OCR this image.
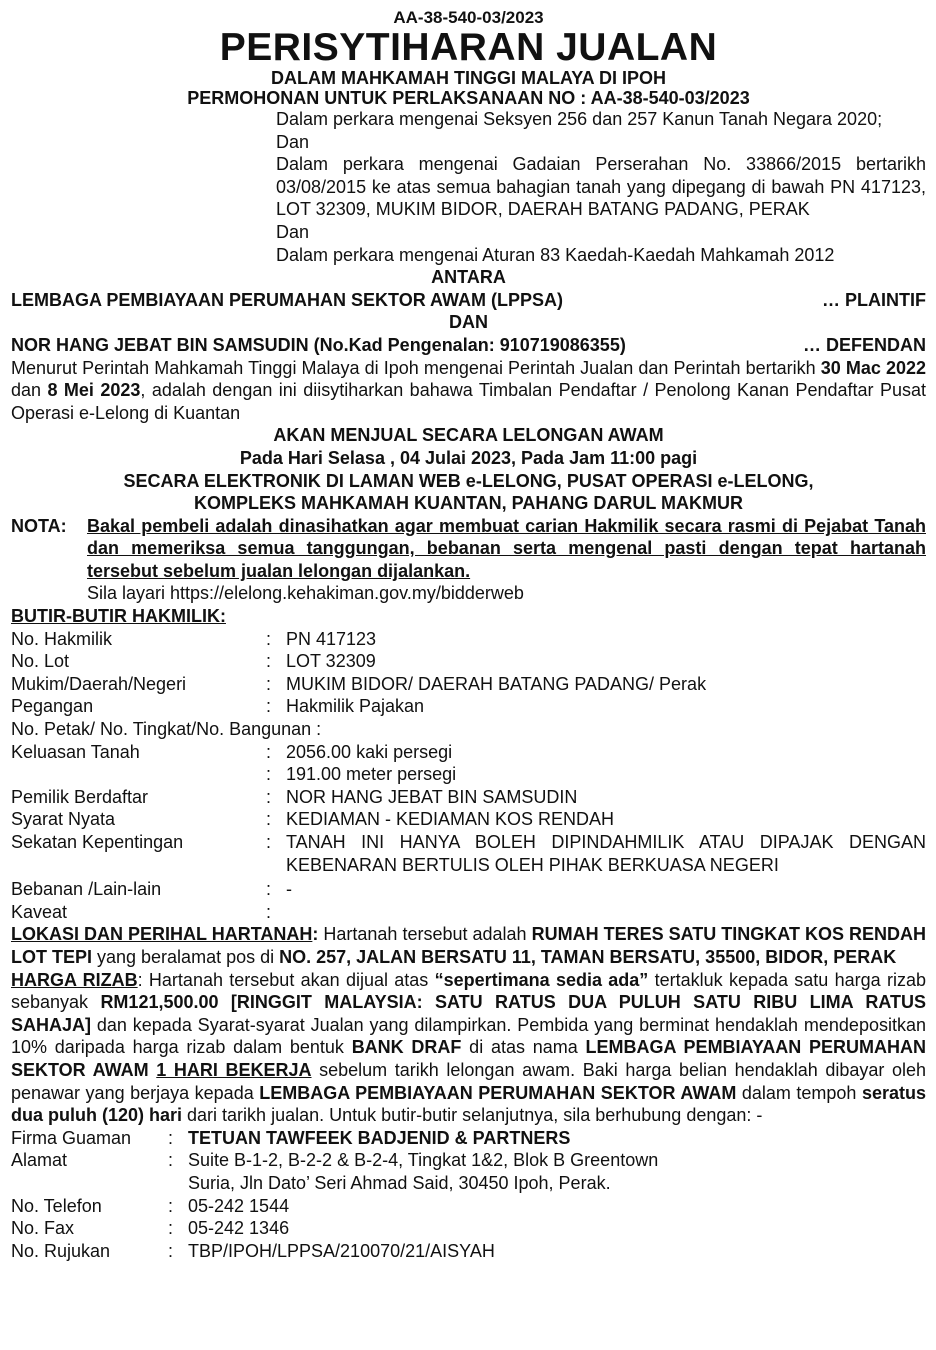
AA-38-540-03/2023
PERISYTIHARAN JUALAN
DALAM MAHKAMAH TINGGI MALAYA DI IPOH
PERMOHONAN UNTUK PERLAKSANAAN NO : AA-38-540-03/2023
Dalam perkara mengenai Seksyen 256 dan 257 Kanun Tanah Negara 2020;
Dan
Dalam perkara mengenai Gadaian Perserahan No. 33866/2015 bertarikh 03/08/2015 ke atas semua bahagian tanah yang dipegang di bawah PN 417123, LOT 32309, MUKIM BIDOR, DAERAH BATANG PADANG, PERAK
Dan
Dalam perkara mengenai Aturan 83 Kaedah-Kaedah Mahkamah 2012
ANTARA
LEMBAGA PEMBIAYAAN PERUMAHAN SEKTOR AWAM (LPPSA)	… PLAINTIF
DAN
NOR HANG JEBAT BIN SAMSUDIN (No.Kad Pengenalan: 910719086355)	… DEFENDAN
Menurut Perintah Mahkamah Tinggi Malaya di Ipoh mengenai Perintah Jualan dan Perintah bertarikh 30 Mac 2022 dan 8 Mei 2023, adalah dengan ini diisytiharkan bahawa Timbalan Pendaftar / Penolong Kanan Pendaftar Pusat Operasi e-Lelong di Kuantan
AKAN MENJUAL SECARA LELONGAN AWAM
Pada Hari Selasa , 04 Julai 2023, Pada Jam 11:00 pagi
SECARA ELEKTRONIK DI LAMAN WEB e-LELONG, PUSAT OPERASI e-LELONG,
KOMPLEKS MAHKAMAH KUANTAN, PAHANG DARUL MAKMUR
NOTA:	Bakal pembeli adalah dinasihatkan agar membuat carian Hakmilik secara rasmi di Pejabat Tanah dan memeriksa semua tanggungan, bebanan serta mengenal pasti dengan tepat hartanah tersebut sebelum jualan lelongan dijalankan.
Sila layari https://elelong.kehakiman.gov.my/bidderweb
BUTIR-BUTIR HAKMILIK:
No. Hakmilik	: PN 417123
No. Lot	: LOT 32309
Mukim/Daerah/Negeri	: MUKIM BIDOR/ DAERAH BATANG PADANG/ Perak
Pegangan	: Hakmilik Pajakan
No. Petak/ No. Tingkat/No. Bangunan :
Keluasan Tanah	: 2056.00 kaki persegi
: 191.00 meter persegi
Pemilik Berdaftar	: NOR HANG JEBAT BIN SAMSUDIN
Syarat Nyata	: KEDIAMAN - KEDIAMAN KOS RENDAH
Sekatan Kepentingan	: TANAH INI HANYA BOLEH DIPINDAHMILIK ATAU DIPAJAK DENGAN KEBENARAN BERTULIS OLEH PIHAK BERKUASA NEGERI
Bebanan /Lain-lain	: -
Kaveat	:
LOKASI DAN PERIHAL HARTANAH: Hartanah tersebut adalah RUMAH TERES SATU TINGKAT KOS RENDAH LOT TEPI yang beralamat pos di NO. 257, JALAN BERSATU 11, TAMAN BERSATU, 35500, BIDOR, PERAK
HARGA RIZAB: Hartanah tersebut akan dijual atas “sepertimana sedia ada” tertakluk kepada satu harga rizab sebanyak RM121,500.00 [RINGGIT MALAYSIA: SATU RATUS DUA PULUH SATU RIBU LIMA RATUS SAHAJA] dan kepada Syarat-syarat Jualan yang dilampirkan. Pembida yang berminat hendaklah mendepositkan 10% daripada harga rizab dalam bentuk BANK DRAF di atas nama LEMBAGA PEMBIAYAAN PERUMAHAN SEKTOR AWAM 1 HARI BEKERJA sebelum tarikh lelongan awam. Baki harga belian hendaklah dibayar oleh penawar yang berjaya kepada LEMBAGA PEMBIAYAAN PERUMAHAN SEKTOR AWAM dalam tempoh seratus dua puluh (120) hari dari tarikh jualan. Untuk butir-butir selanjutnya, sila berhubung dengan: -
Firma Guaman	: TETUAN TAWFEEK BADJENID & PARTNERS
Alamat	: Suite B-1-2, B-2-2 & B-2-4, Tingkat 1&2, Blok B Greentown
Suria, Jln Dato’ Seri Ahmad Said, 30450 Ipoh, Perak.
No. Telefon	: 05-242 1544
No. Fax	: 05-242 1346
No. Rujukan	: TBP/IPOH/LPPSA/210070/21/AISYAH
